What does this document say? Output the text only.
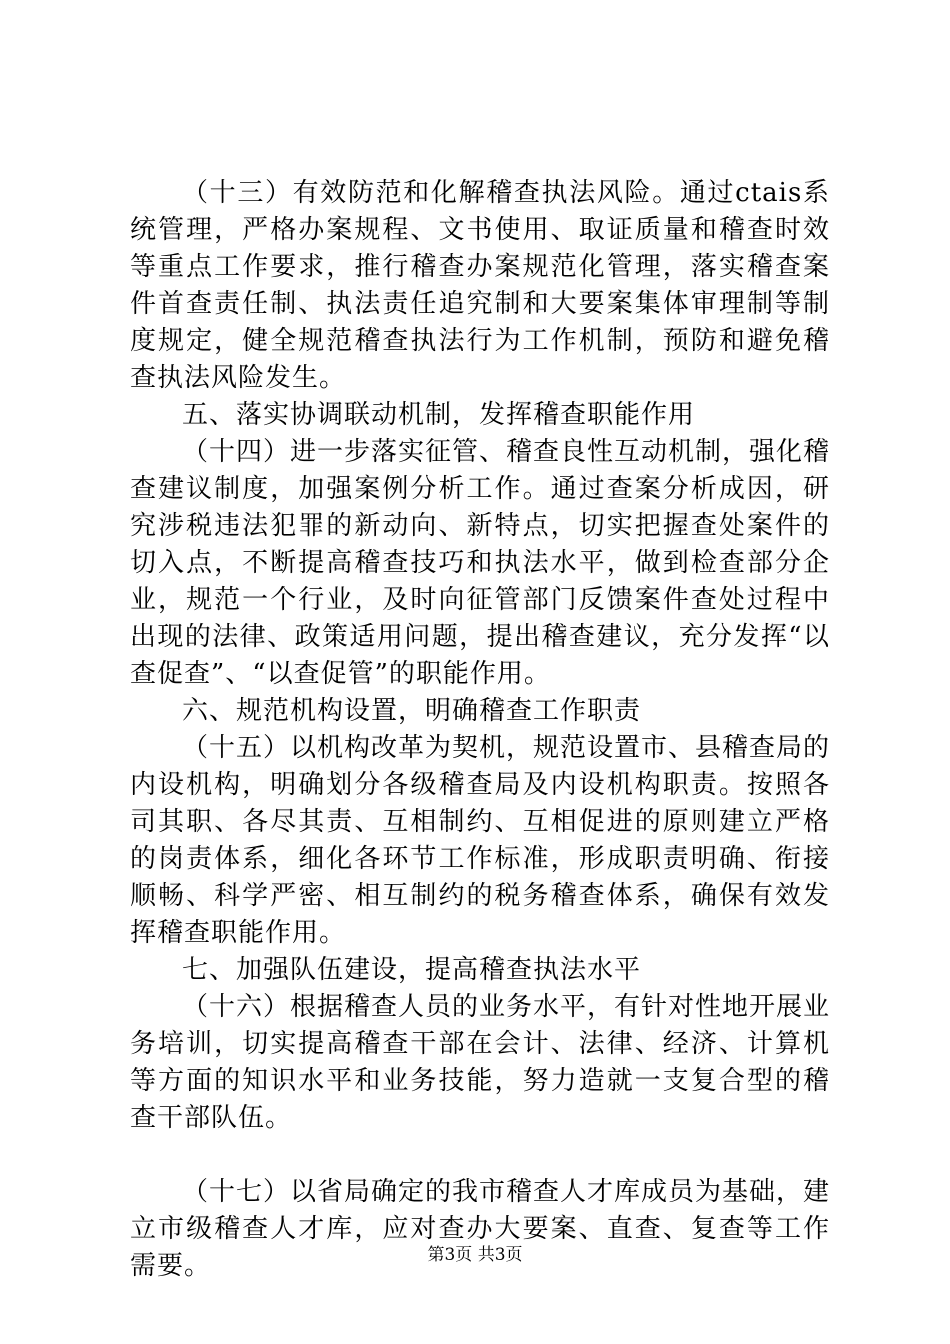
（十三）有效防范和化解稽查执法风险。通过ctais系统管理，严格办案规程、文书使用、取证质量和稽查时效等重点工作要求，推行稽查办案规范化管理，落实稽查案件首查责任制、执法责任追究制和大要案集体审理制等制度规定，健全规范稽查执法行为工作机制，预防和避免稽查执法风险发生。

五、落实协调联动机制，发挥稽查职能作用

（十四）进一步落实征管、稽查良性互动机制，强化稽查建议制度，加强案例分析工作。通过查案分析成因，研究涉税违法犯罪的新动向、新特点，切实把握查处案件的切入点，不断提高稽查技巧和执法水平，做到检查部分企业，规范一个行业，及时向征管部门反馈案件查处过程中出现的法律、政策适用问题，提出稽查建议，充分发挥“以查促查”、“以查促管”的职能作用。

六、规范机构设置，明确稽查工作职责

（十五）以机构改革为契机，规范设置市、县稽查局的内设机构，明确划分各级稽查局及内设机构职责。按照各司其职、各尽其责、互相制约、互相促进的原则建立严格的岗责体系，细化各环节工作标准，形成职责明确、衔接顺畅、科学严密、相互制约的税务稽查体系，确保有效发挥稽查职能作用。

七、加强队伍建设，提高稽查执法水平

（十六）根据稽查人员的业务水平，有针对性地开展业务培训，切实提高稽查干部在会计、法律、经济、计算机等方面的知识水平和业务技能，努力造就一支复合型的稽查干部队伍。

（十七）以省局确定的我市稽查人才库成员为基础，建立市级稽查人才库，应对查办大要案、直查、复查等工作需要。	第3页 共3页
